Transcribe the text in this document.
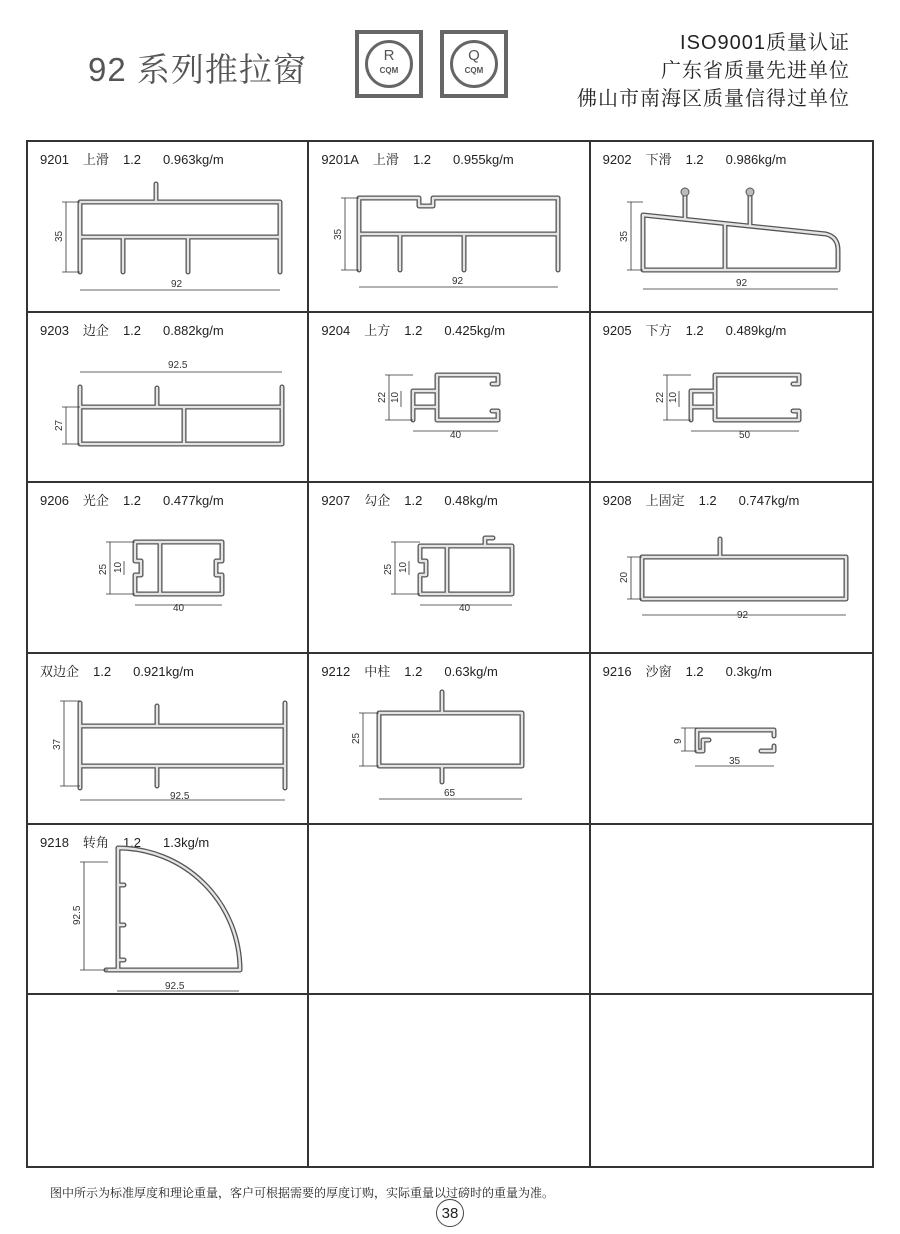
92 系列推拉窗	R
CQM
Q
CQM
ISO9001质量认证
广东省质量先进单位
佛山市南海区质量信得过单位
9201 上滑 1.2 0.963kg/m
35
92
9201A 上滑 1.2 0.955kg/m
35
92
9202 下滑 1.2 0.986kg/m
35
92
9203 边企 1.2 0.882kg/m
27
92.5
9204 上方 1.2 0.425kg/m
22 10
40
9205 下方 1.2 0.489kg/m
22 10
50
9206 光企 1.2 0.477kg/m
25 10
40
9207 勾企 1.2 0.48kg/m
25 10
40
9208 上固定 1.2 0.747kg/m
20
92
双边企 1.2 0.921kg/m
37
92.5
9212 中柱 1.2 0.63kg/m
25
65
9216 沙窗 1.2 0.3kg/m
9
35
9218 转角 1.2 1.3kg/m
92.5
92.5
图中所示为标准厚度和理论重量，客户可根据需要的厚度订购，实际重量以过磅时的重量为准。
38
